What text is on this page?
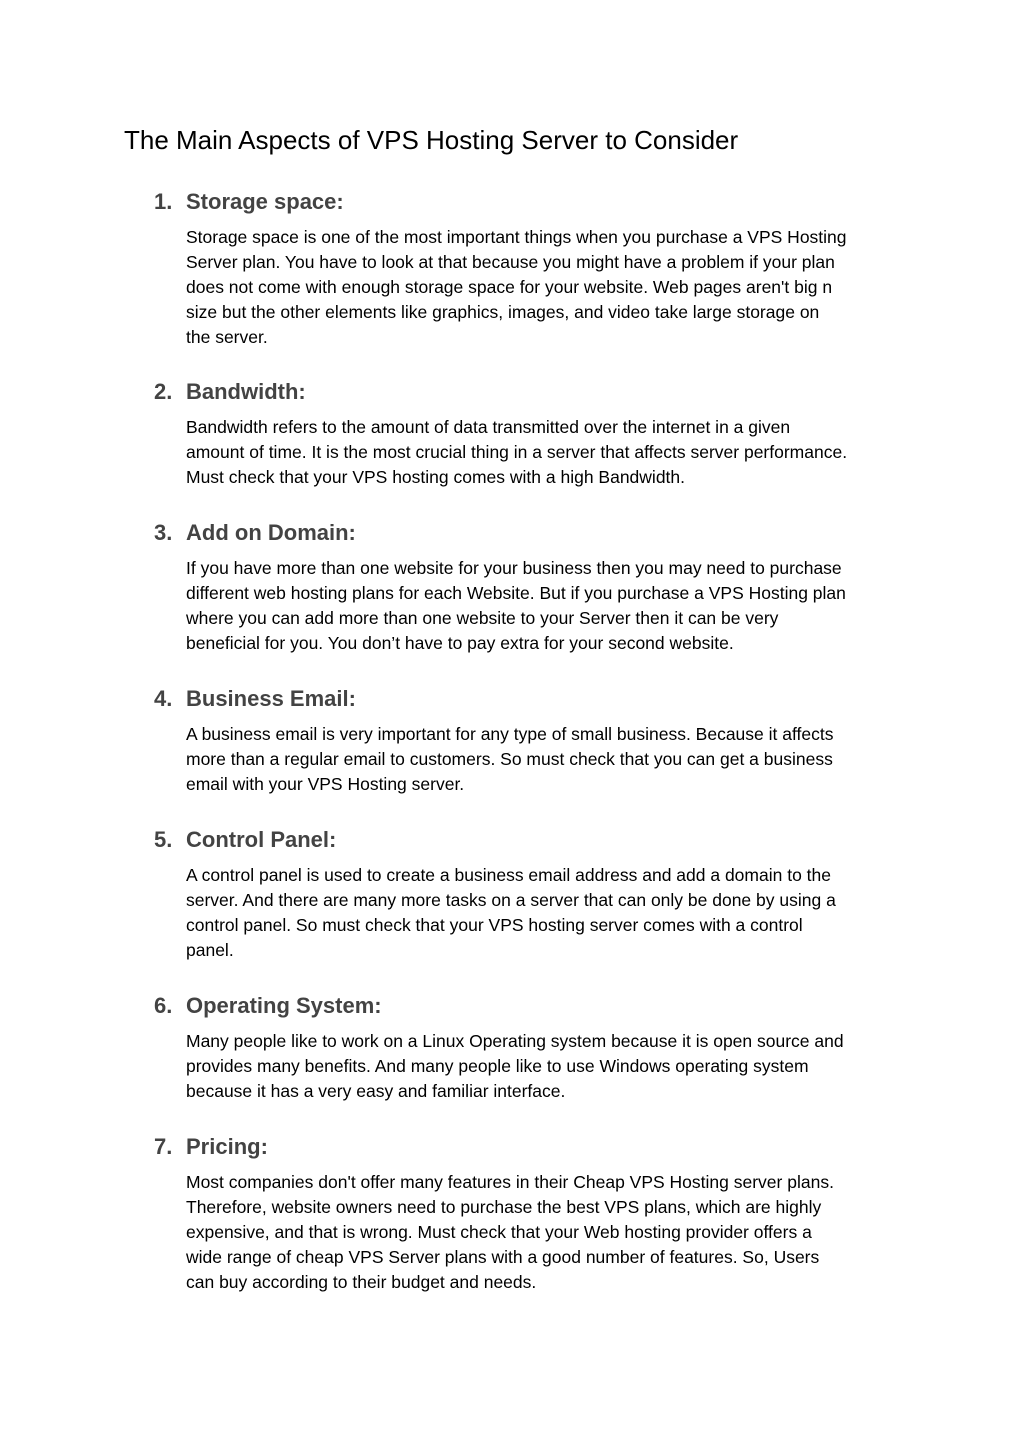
The Main Aspects of VPS Hosting Server to Consider
1. Storage space:

Storage space is one of the most important things when you purchase a VPS Hosting
Server plan. You have to look at that because you might have a problem if your plan
does not come with enough storage space for your website. Web pages aren't big n
size but the other elements like graphics, images, and video take large storage on
the server.

2. Bandwidth:

Bandwidth refers to the amount of data transmitted over the internet in a given
amount of time. It is the most crucial thing in a server that affects server performance.
Must check that your VPS hosting comes with a high Bandwidth.

3. Add on Domain:

If you have more than one website for your business then you may need to purchase
different web hosting plans for each Website. But if you purchase a VPS Hosting plan
where you can add more than one website to your Server then it can be very
beneficial for you. You don’t have to pay extra for your second website.

4. Business Email:

A business email is very important for any type of small business. Because it affects
more than a regular email to customers. So must check that you can get a business
email with your VPS Hosting server.

5. Control Panel:

A control panel is used to create a business email address and add a domain to the
server. And there are many more tasks on a server that can only be done by using a
control panel. So must check that your VPS hosting server comes with a control
panel.

6. Operating System:

Many people like to work on a Linux Operating system because it is open source and
provides many benefits. And many people like to use Windows operating system
because it has a very easy and familiar interface.

7. Pricing:

Most companies don't offer many features in their Cheap VPS Hosting server plans.
Therefore, website owners need to purchase the best VPS plans, which are highly
expensive, and that is wrong. Must check that your Web hosting provider offers a
wide range of cheap VPS Server plans with a good number of features. So, Users
can buy according to their budget and needs.
